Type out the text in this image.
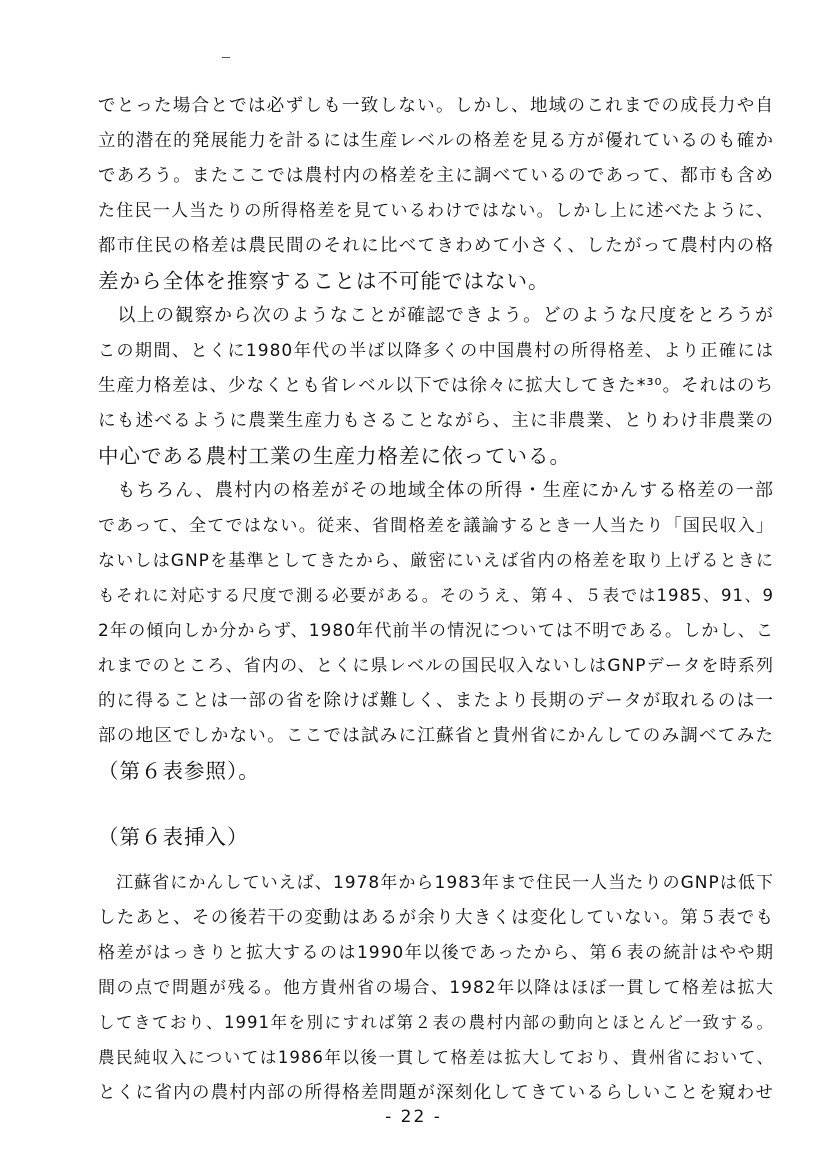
でとった場合とでは必ずしも一致しない。しかし、地域のこれまでの成長力や自
立的潜在的発展能力を計るには生産レベルの格差を見る方が優れているのも確か
であろう。またここでは農村内の格差を主に調べているのであって、都市も含め
た住民一人当たりの所得格差を見ているわけではない。しかし上に述べたように、
都市住民の格差は農民間のそれに比べてきわめて小さく、したがって農村内の格
差から全体を推察することは不可能ではない。
　以上の観察から次のようなことが確認できよう。どのような尺度をとろうが
この期間、とくに1980年代の半ば以降多くの中国農村の所得格差、より正確には
生産力格差は、少なくとも省レベル以下では徐々に拡大してきた*³⁰。それはのち
にも述べるように農業生産力もさることながら、主に非農業、とりわけ非農業の
中心である農村工業の生産力格差に依っている。
　もちろん、農村内の格差がその地域全体の所得・生産にかんする格差の一部
であって、全てではない。従来、省間格差を議論するとき一人当たり「国民収入」
ないしはGNPを基準としてきたから、厳密にいえば省内の格差を取り上げるときに
もそれに対応する尺度で測る必要がある。そのうえ、第４、５表では1985、91、9
2年の傾向しか分からず、1980年代前半の情況については不明である。しかし、こ
れまでのところ、省内の、とくに県レベルの国民収入ないしはGNPデータを時系列
的に得ることは一部の省を除けば難しく、またより長期のデータが取れるのは一
部の地区でしかない。ここでは試みに江蘇省と貴州省にかんしてのみ調べてみた
（第６表参照）。
（第６表挿入）
　江蘇省にかんしていえば、1978年から1983年まで住民一人当たりのGNPは低下
したあと、その後若干の変動はあるが余り大きくは変化していない。第５表でも
格差がはっきりと拡大するのは1990年以後であったから、第６表の統計はやや期
間の点で問題が残る。他方貴州省の場合、1982年以降はほぼ一貫して格差は拡大
してきており、1991年を別にすれば第２表の農村内部の動向とほとんど一致する。
農民純収入については1986年以後一貫して格差は拡大しており、貴州省において、
とくに省内の農村内部の所得格差問題が深刻化してきているらしいことを窺わせ
- 22 -
